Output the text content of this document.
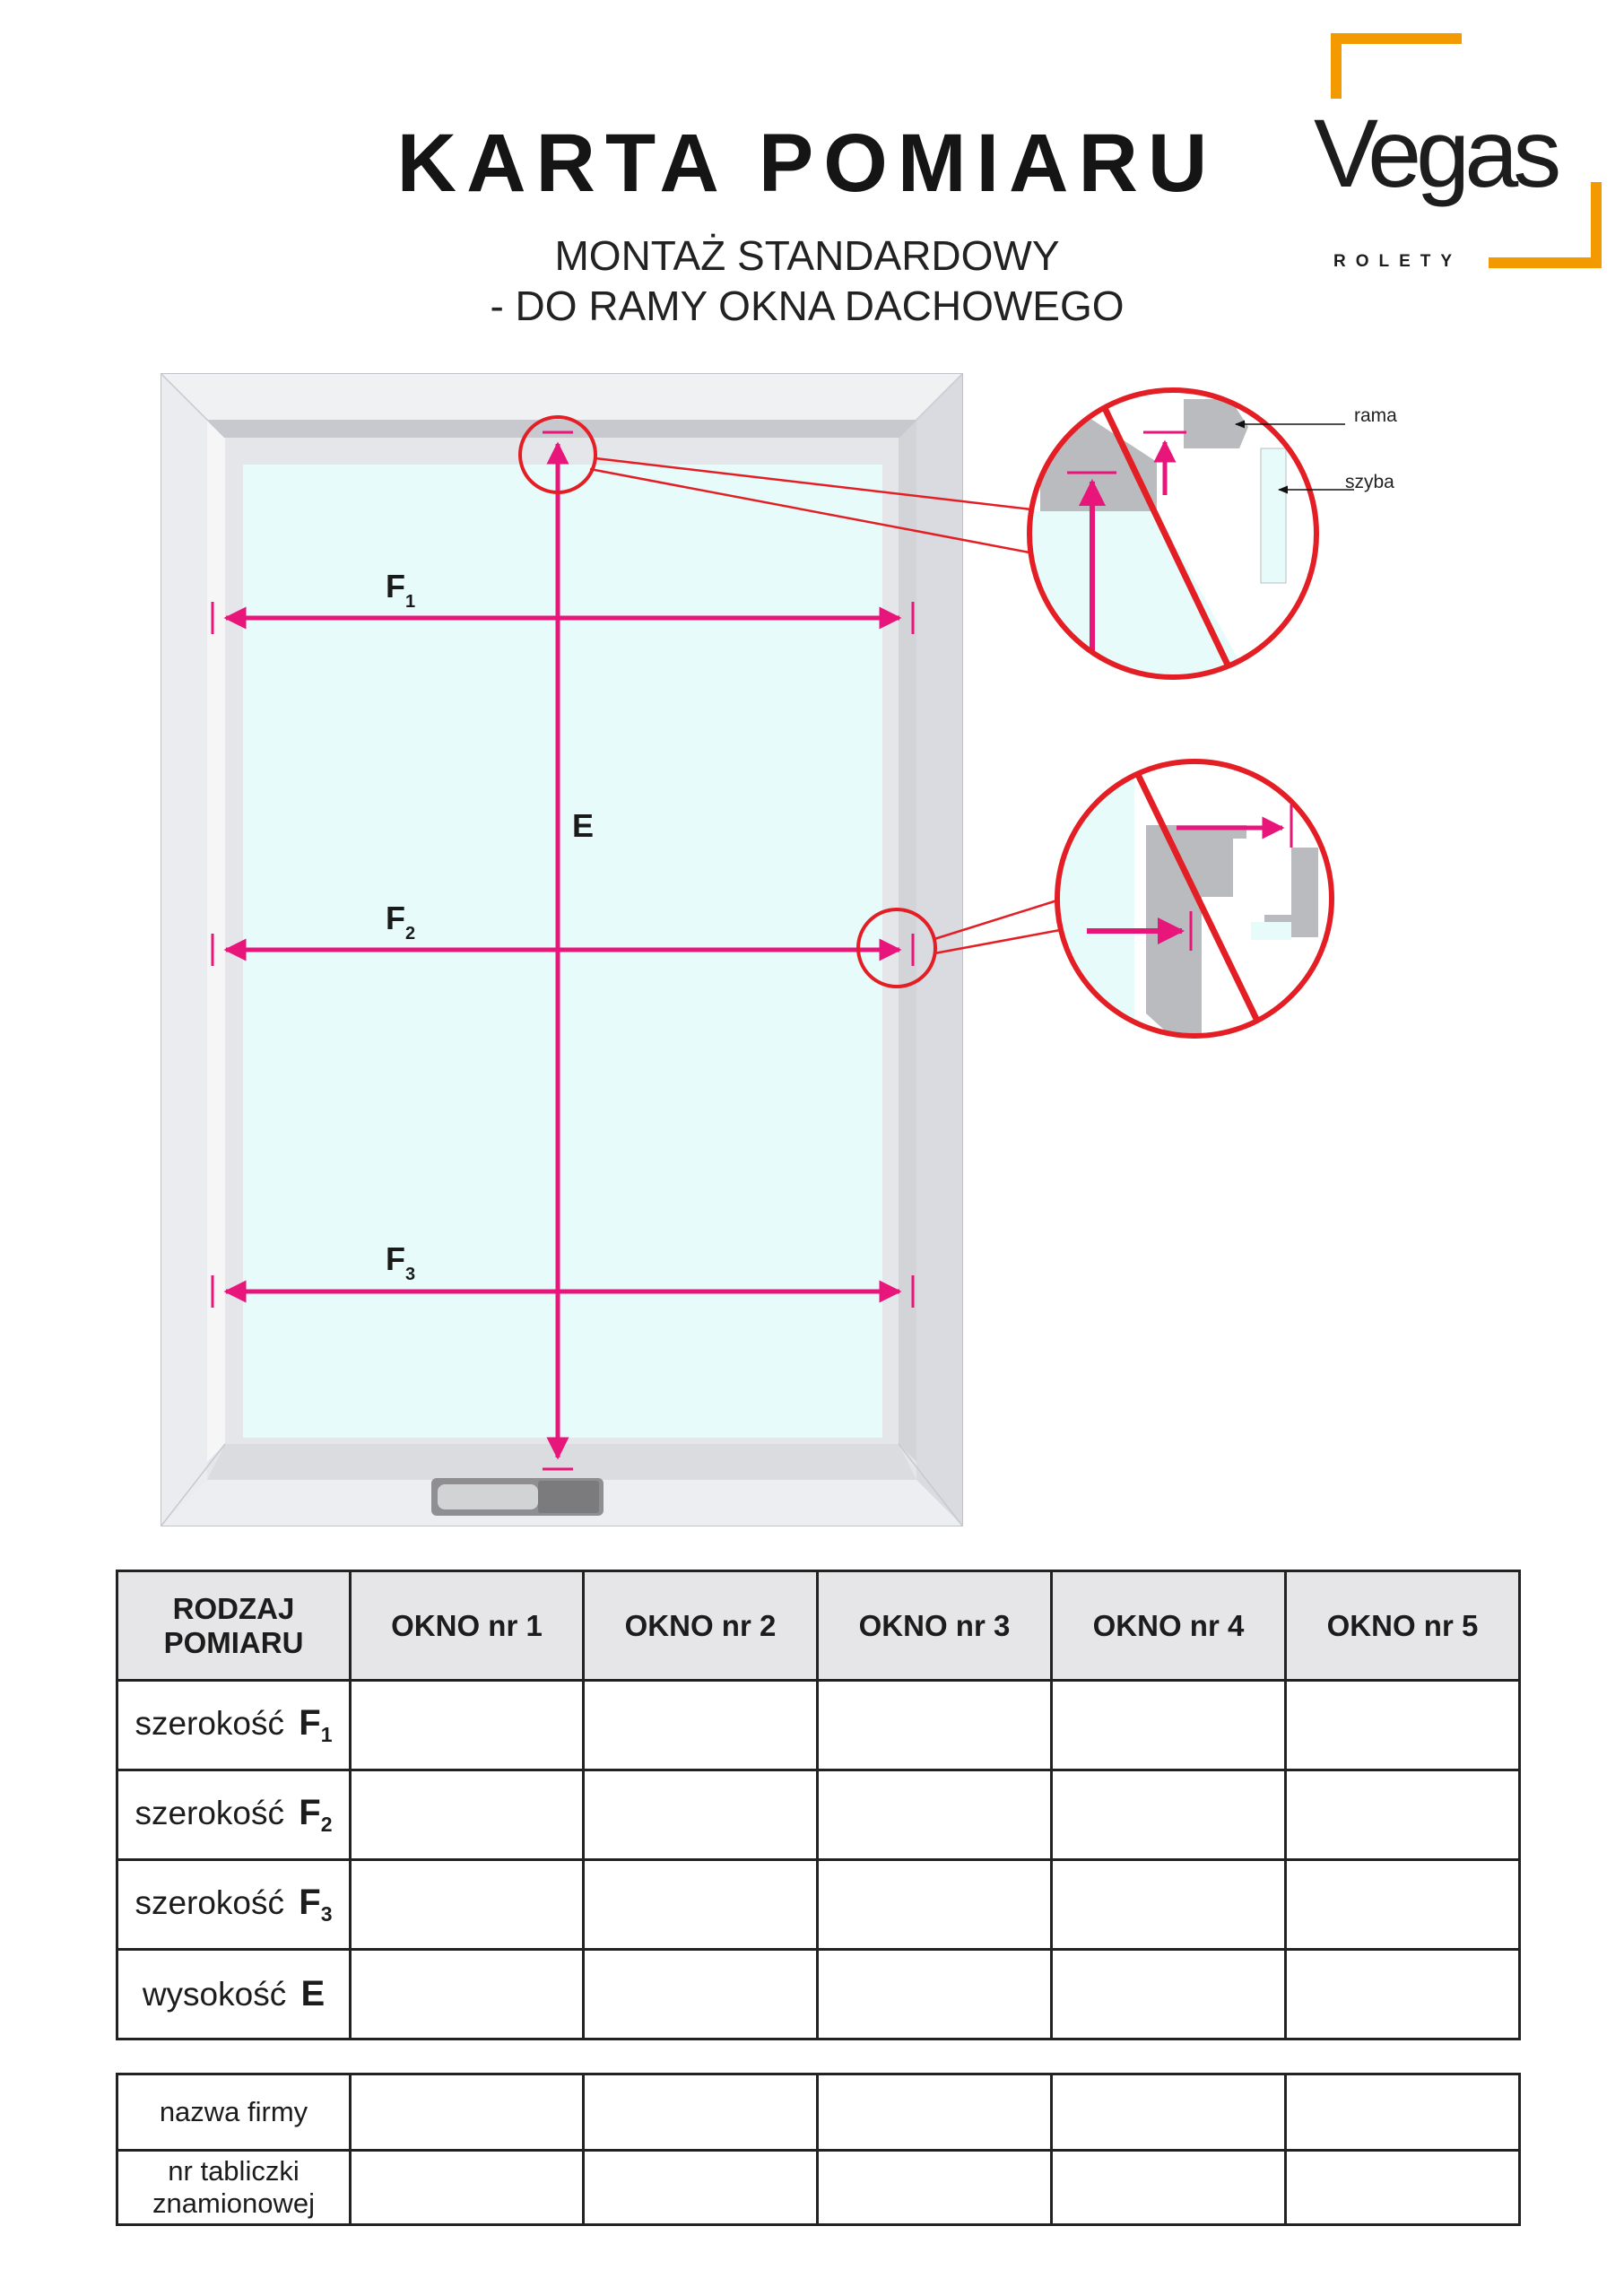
KARTA POMIARU
MONTAŻ STANDARDOWY
- DO RAMY OKNA DACHOWEGO
Vegas
ROLETY
E
$F_1$
$F_2$
$F_3$
rama
szyba
RODZAJ
POMIARU	OKNO nr 1	OKNO nr 2	OKNO nr 3	OKNO nr 4	OKNO nr 5
szerokość $F_1$					
szerokość $F_2$					
szerokość $F_3$					
wysokość E					
nazwa firmy					
nr tabliczki
znamionowej					
